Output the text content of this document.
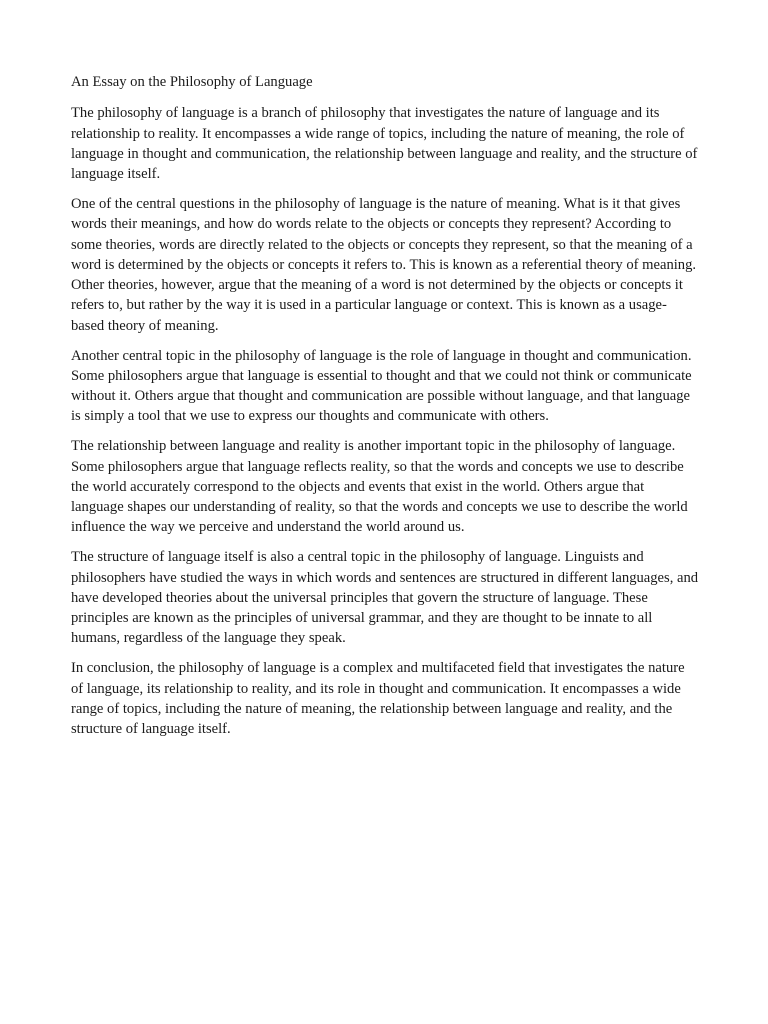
An Essay on the Philosophy of Language

The philosophy of language is a branch of philosophy that investigates the nature of language and its relationship to reality. It encompasses a wide range of topics, including the nature of meaning, the role of language in thought and communication, the relationship between language and reality, and the structure of language itself.

One of the central questions in the philosophy of language is the nature of meaning. What is it that gives words their meanings, and how do words relate to the objects or concepts they represent? According to some theories, words are directly related to the objects or concepts they represent, so that the meaning of a word is determined by the objects or concepts it refers to. This is known as a referential theory of meaning. Other theories, however, argue that the meaning of a word is not determined by the objects or concepts it refers to, but rather by the way it is used in a particular language or context. This is known as a usage-based theory of meaning.

Another central topic in the philosophy of language is the role of language in thought and communication. Some philosophers argue that language is essential to thought and that we could not think or communicate without it. Others argue that thought and communication are possible without language, and that language is simply a tool that we use to express our thoughts and communicate with others.

The relationship between language and reality is another important topic in the philosophy of language. Some philosophers argue that language reflects reality, so that the words and concepts we use to describe the world accurately correspond to the objects and events that exist in the world. Others argue that language shapes our understanding of reality, so that the words and concepts we use to describe the world influence the way we perceive and understand the world around us.

The structure of language itself is also a central topic in the philosophy of language. Linguists and philosophers have studied the ways in which words and sentences are structured in different languages, and have developed theories about the universal principles that govern the structure of language. These principles are known as the principles of universal grammar, and they are thought to be innate to all humans, regardless of the language they speak.

In conclusion, the philosophy of language is a complex and multifaceted field that investigates the nature of language, its relationship to reality, and its role in thought and communication. It encompasses a wide range of topics, including the nature of meaning, the relationship between language and reality, and the structure of language itself.
